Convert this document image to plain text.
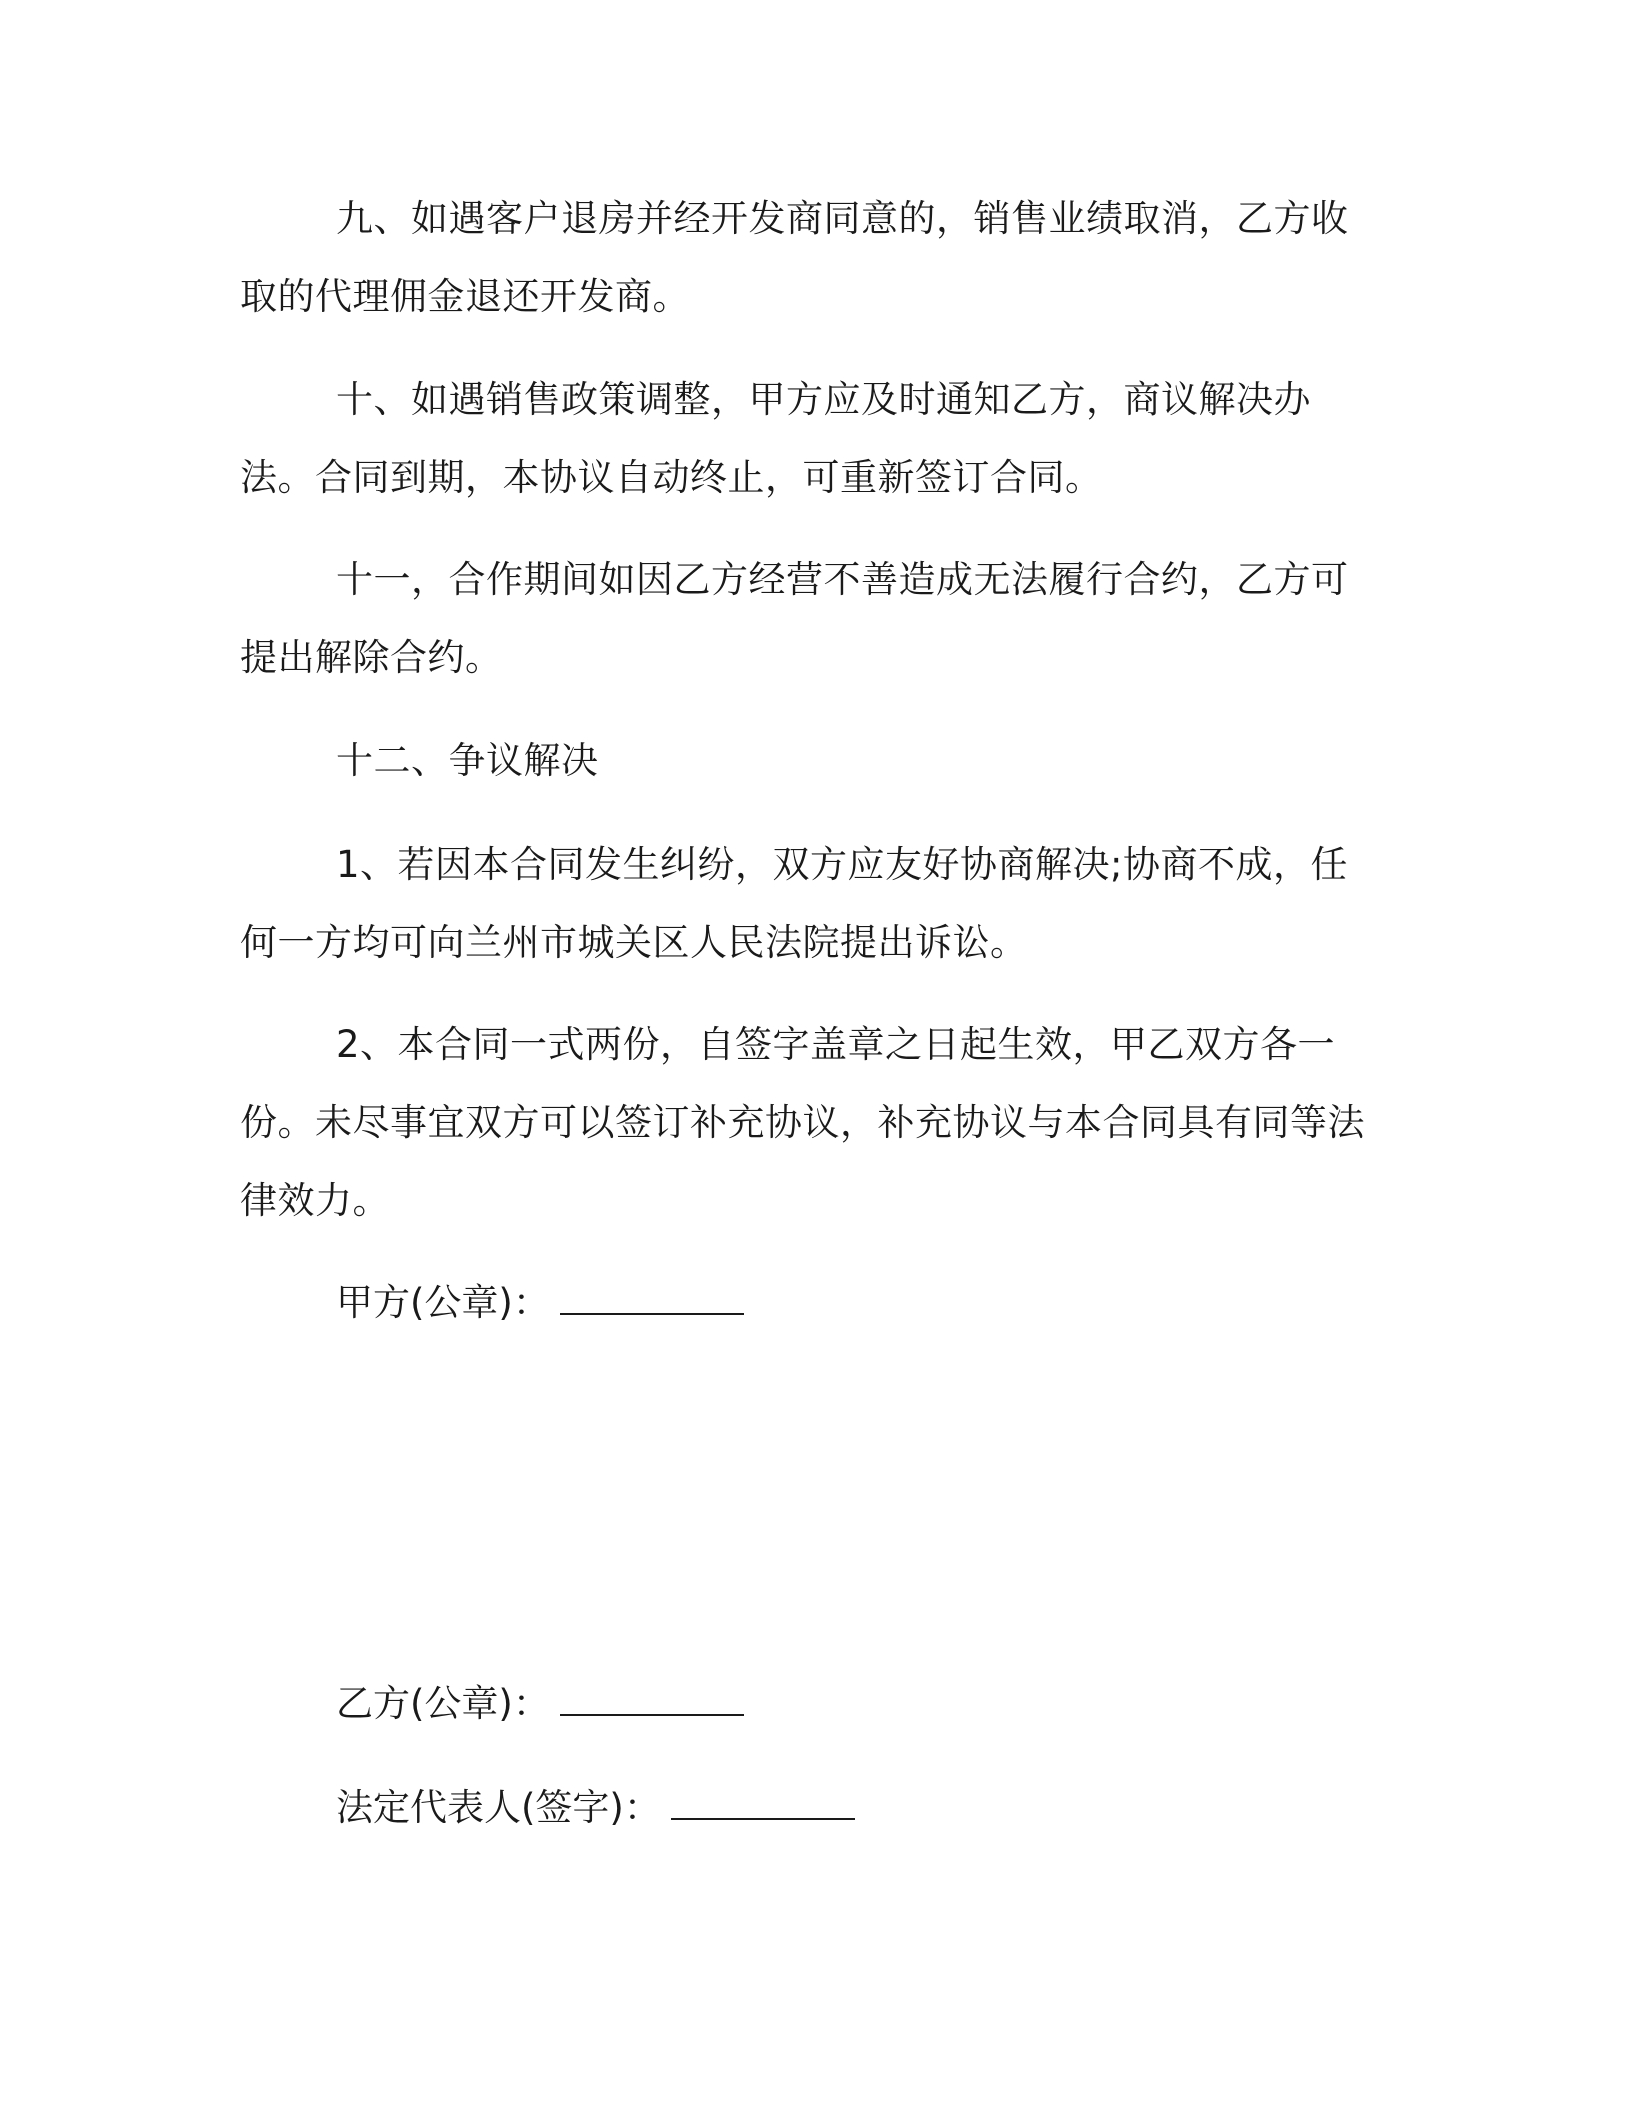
九、如遇客户退房并经开发商同意的，销售业绩取消，乙方收取的代理佣金退还开发商。

十、如遇销售政策调整，甲方应及时通知乙方，商议解决办法。合同到期，本协议自动终止，可重新签订合同。

十一，合作期间如因乙方经营不善造成无法履行合约，乙方可提出解除合约。

十二、争议解决

1、若因本合同发生纠纷，双方应友好协商解决;协商不成，任何一方均可向兰州市城关区人民法院提出诉讼。

2、本合同一式两份，自签字盖章之日起生效，甲乙双方各一份。未尽事宜双方可以签订补充协议，补充协议与本合同具有同等法律效力。

甲方(公章)：

乙方(公章)：

法定代表人(签字)：
